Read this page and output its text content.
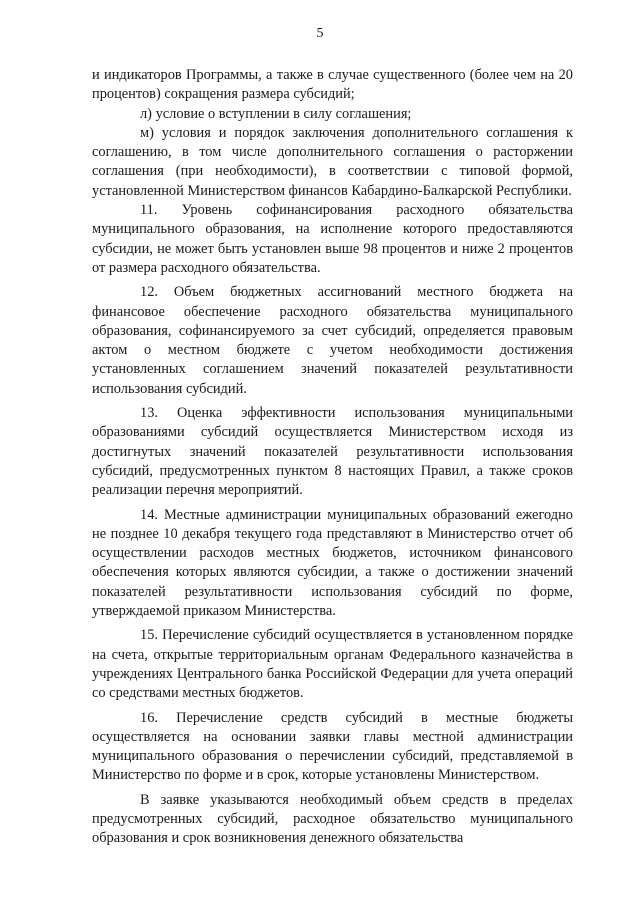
5

и индикаторов Программы, а также в случае существенного (более чем на 20 процентов) сокращения размера субсидий;

л) условие о вступлении в силу соглашения;

м) условия и порядок заключения дополнительного соглашения к соглашению, в том числе дополнительного соглашения о расторжении соглашения (при необходимости), в соответствии с типовой формой, установленной Министерством финансов Кабардино-Балкарской Республики.

11. Уровень софинансирования расходного обязательства муниципального образования, на исполнение которого предоставляются субсидии, не может быть установлен выше 98 процентов и ниже 2 процентов от размера расходного обязательства.

12. Объем бюджетных ассигнований местного бюджета на финансовое обеспечение расходного обязательства муниципального образования, софинансируемого за счет субсидий, определяется правовым актом о местном бюджете с учетом необходимости достижения установленных соглашением значений показателей результативности использования субсидий.

13. Оценка эффективности использования муниципальными образованиями субсидий осуществляется Министерством исходя из достигнутых значений показателей результативности использования субсидий, предусмотренных пунктом 8 настоящих Правил, а также сроков реализации перечня мероприятий.

14. Местные администрации муниципальных образований ежегодно не позднее 10 декабря текущего года представляют в Министерство отчет об осуществлении расходов местных бюджетов, источником финансового обеспечения которых являются субсидии, а также о достижении значений показателей результативности использования субсидий по форме, утверждаемой приказом Министерства.

15. Перечисление субсидий осуществляется в установленном порядке на счета, открытые территориальным органам Федерального казначейства в учреждениях Центрального банка Российской Федерации для учета операций со средствами местных бюджетов.

16. Перечисление средств субсидий в местные бюджеты осуществляется на основании заявки главы местной администрации муниципального образования о перечислении субсидий, представляемой в Министерство по форме и в срок, которые установлены Министерством.

В заявке указываются необходимый объем средств в пределах предусмотренных субсидий, расходное обязательство муниципального образования и срок возникновения денежного обязательства
